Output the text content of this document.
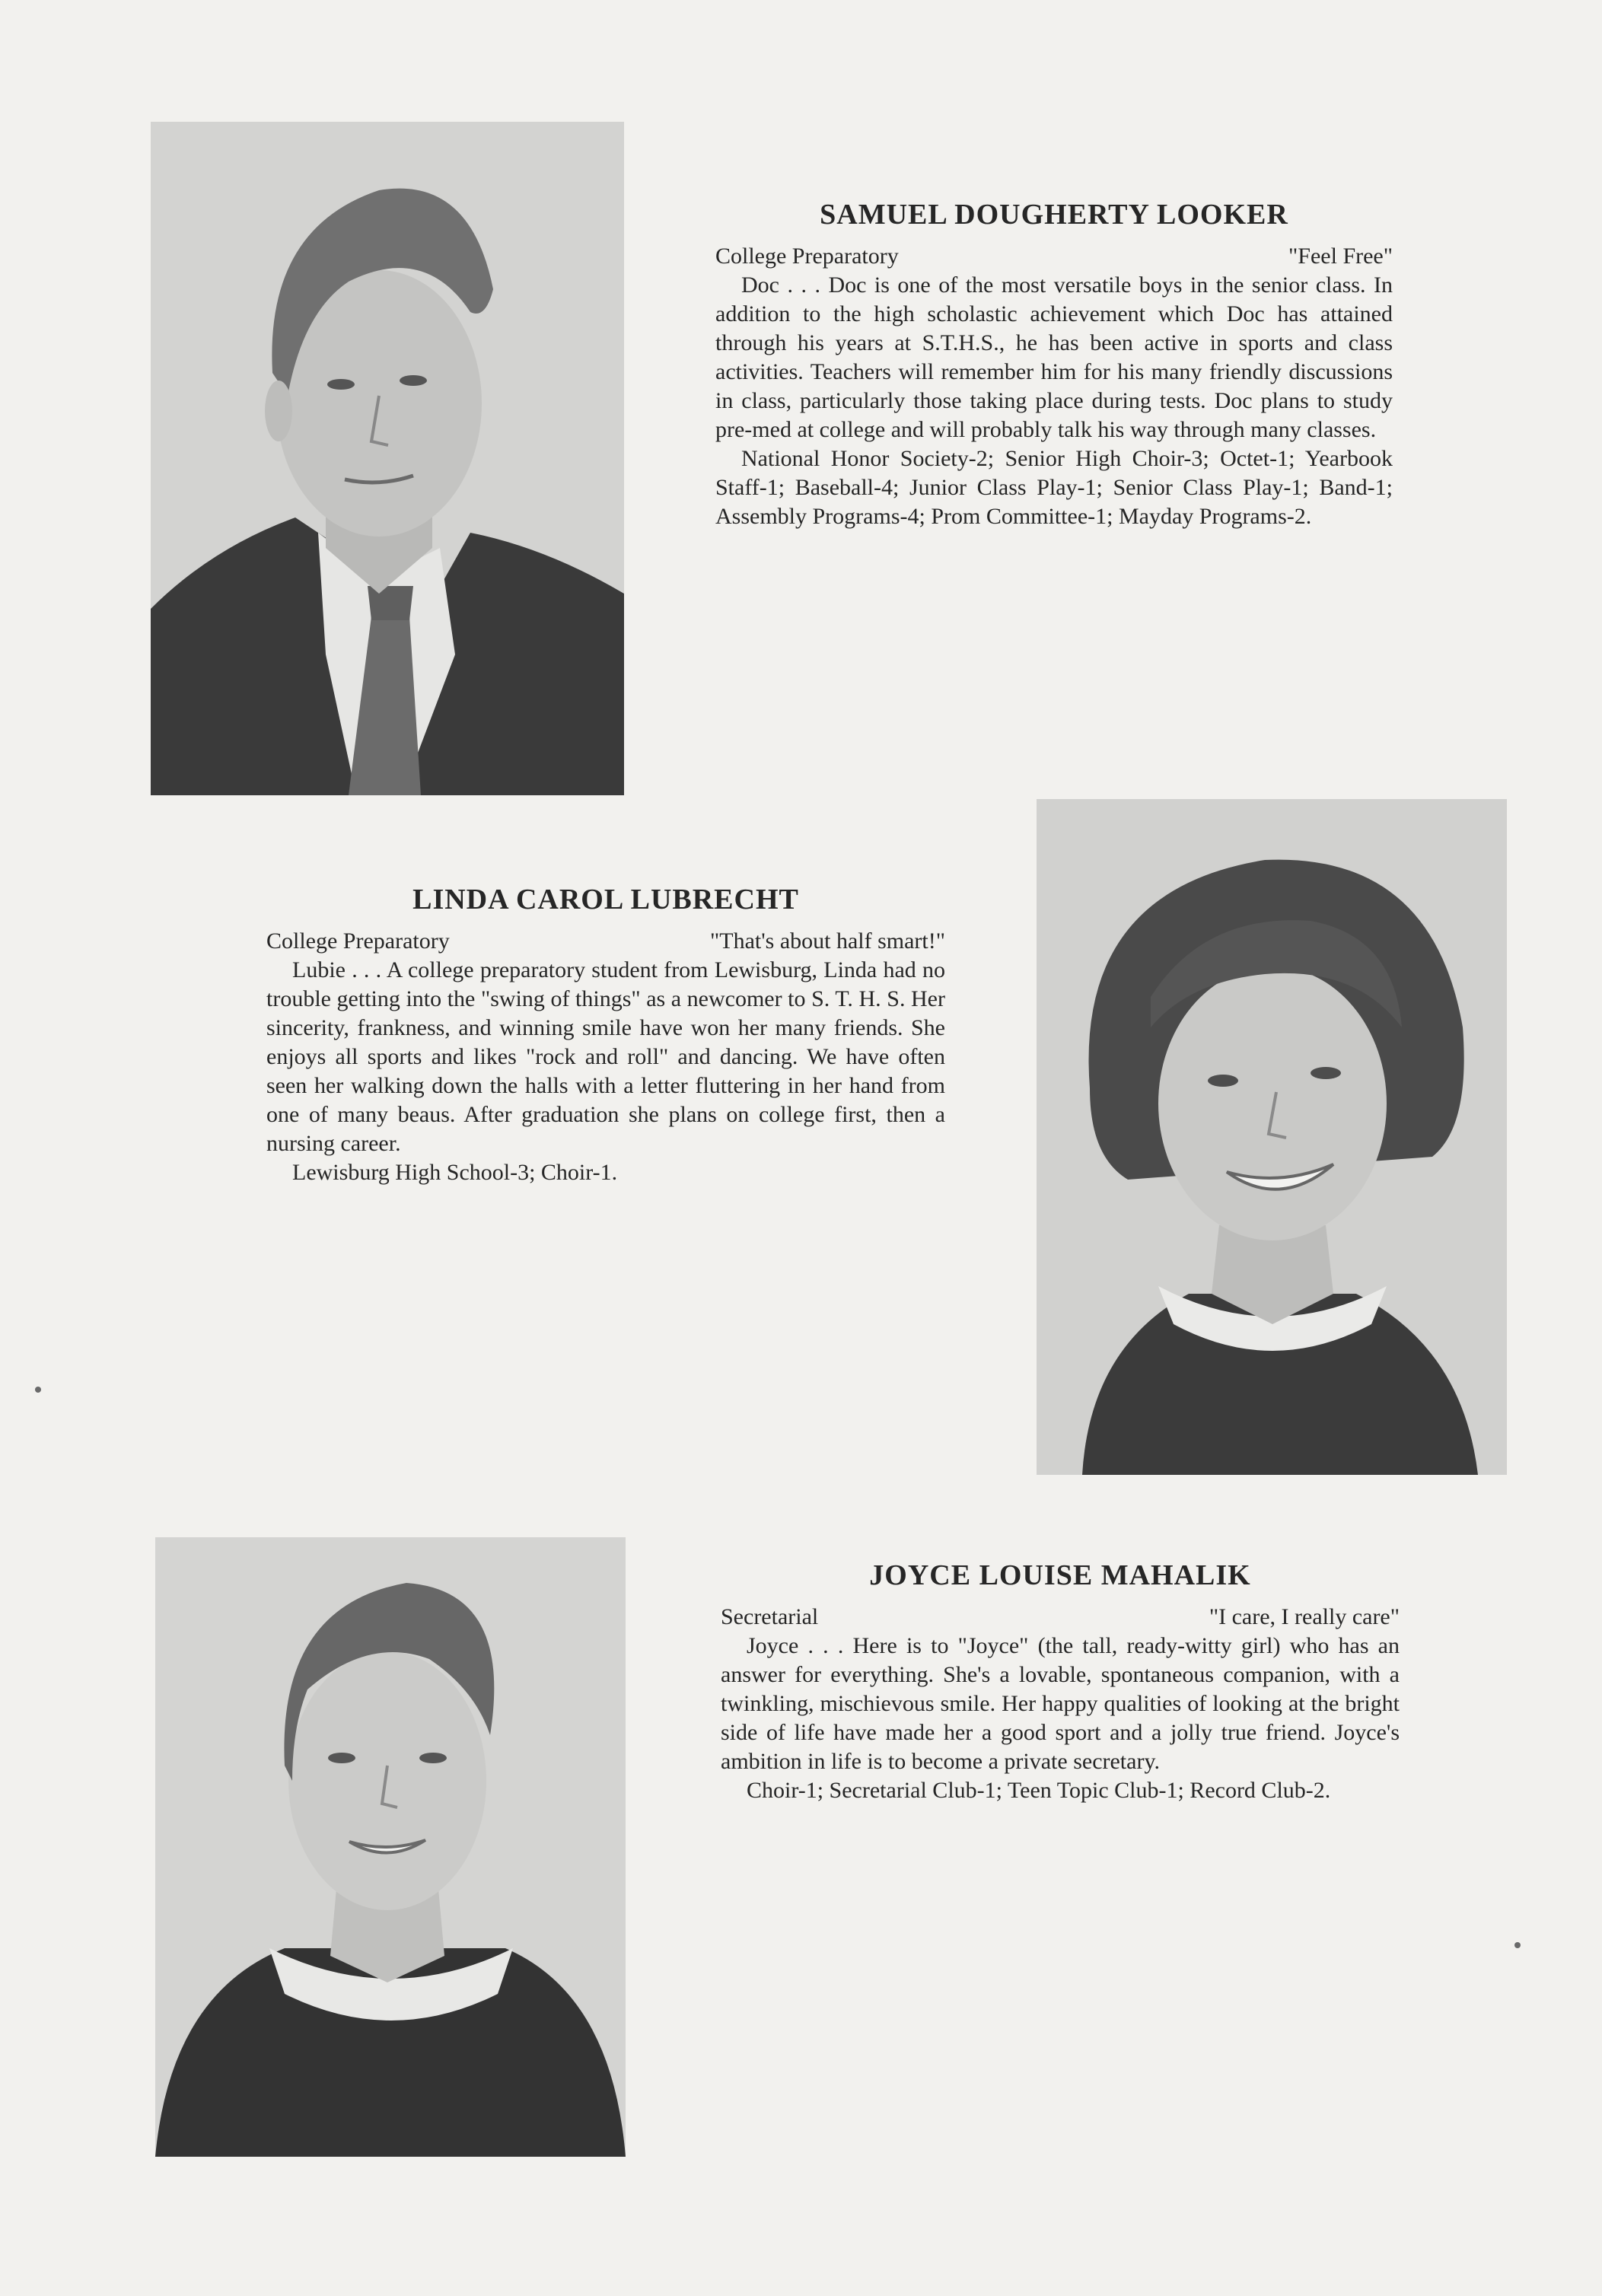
SAMUEL DOUGHERTY LOOKER
College Preparatory	"Feel Free"

Doc . . . Doc is one of the most versatile boys in the senior class. In addition to the high scholastic achievement which Doc has attained through his years at S.T.H.S., he has been active in sports and class activities. Teachers will remember him for his many friendly discussions in class, particularly those taking place during tests. Doc plans to study pre-med at college and will probably talk his way through many classes.

National Honor Society-2; Senior High Choir-3; Octet-1; Yearbook Staff-1; Baseball-4; Junior Class Play-1; Senior Class Play-1; Band-1; Assembly Programs-4; Prom Committee-1; Mayday Programs-2.

LINDA CAROL LUBRECHT
College Preparatory	"That's about half smart!"

Lubie . . . A college preparatory student from Lewisburg, Linda had no trouble getting into the "swing of things" as a newcomer to S. T. H. S. Her sincerity, frankness, and winning smile have won her many friends. She enjoys all sports and likes "rock and roll" and dancing. We have often seen her walking down the halls with a letter fluttering in her hand from one of many beaus. After graduation she plans on college first, then a nursing career.

Lewisburg High School-3; Choir-1.

JOYCE LOUISE MAHALIK
Secretarial	"I care, I really care"

Joyce . . . Here is to "Joyce" (the tall, ready-witty girl) who has an answer for everything. She's a lovable, spontaneous companion, with a twinkling, mischievous smile. Her happy qualities of looking at the bright side of life have made her a good sport and a jolly true friend. Joyce's ambition in life is to become a private secretary.

Choir-1; Secretarial Club-1; Teen Topic Club-1; Record Club-2.
